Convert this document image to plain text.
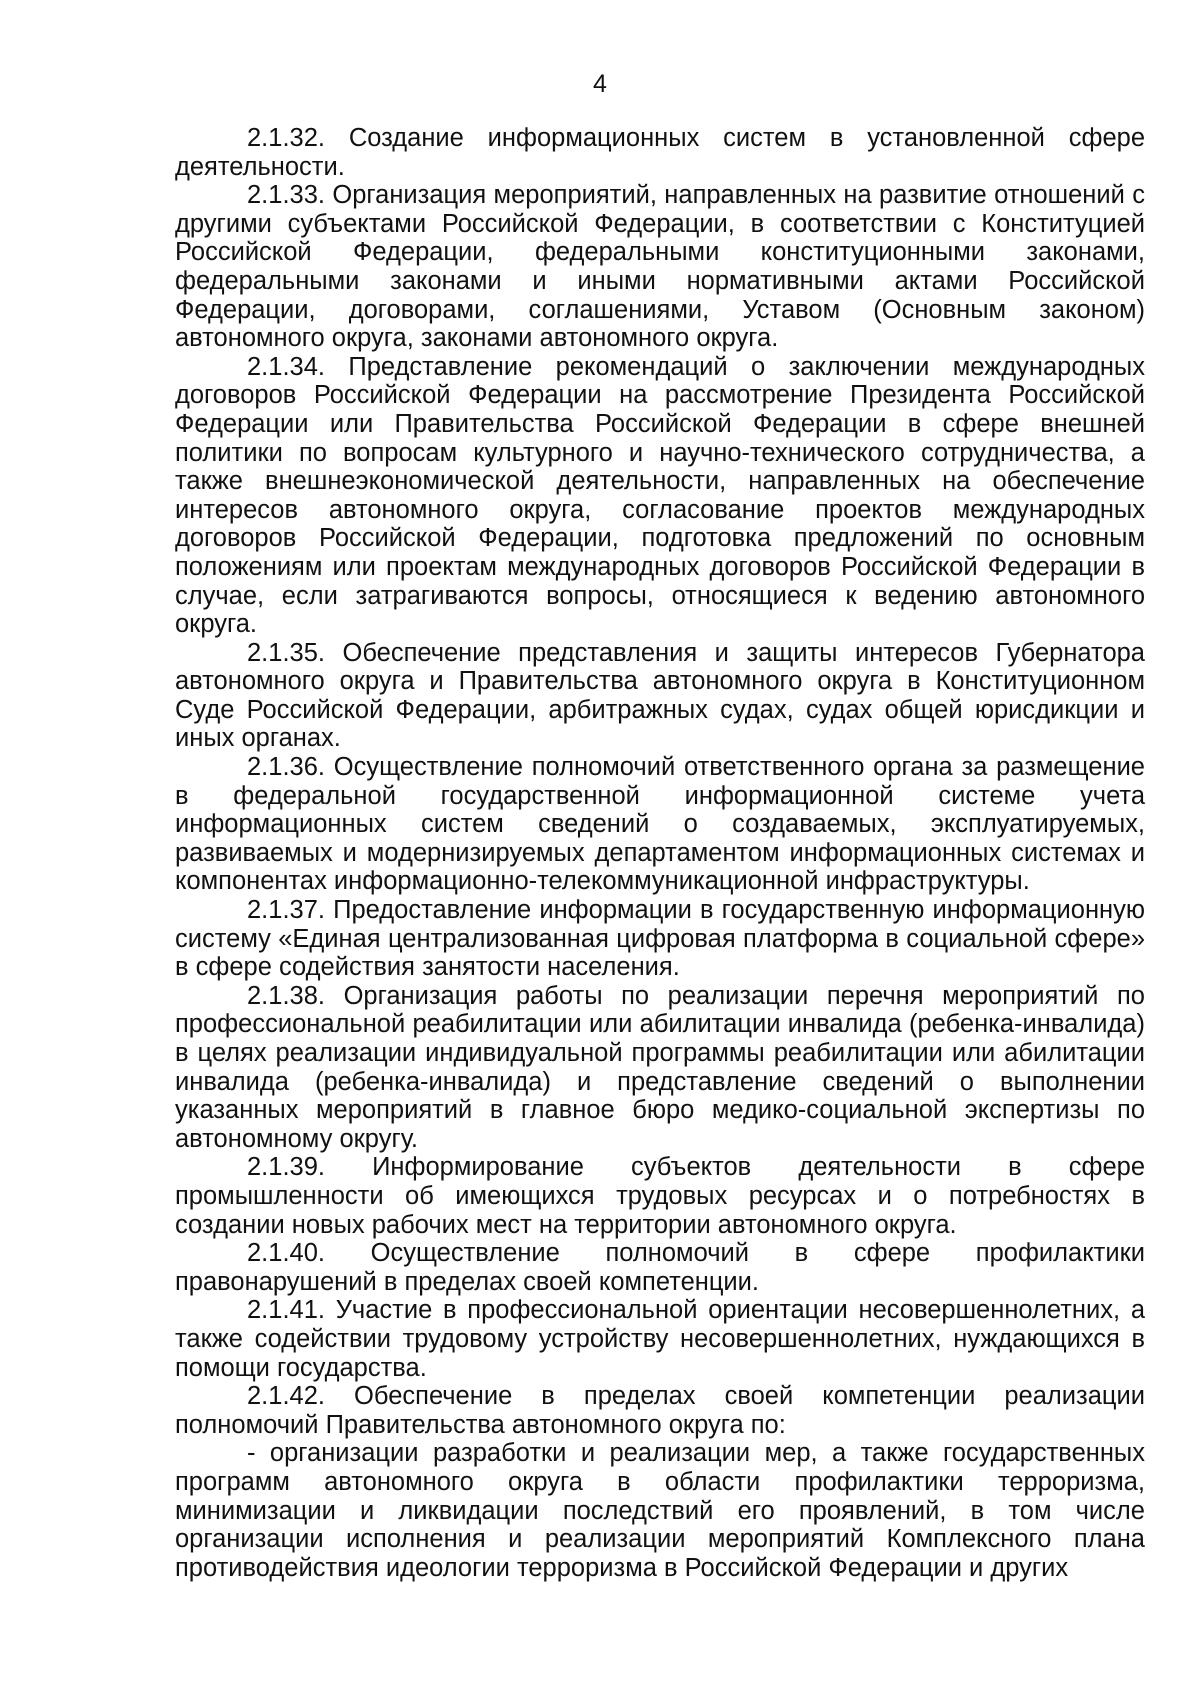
4

2.1.32. Создание информационных систем в установленной сфере деятельности.

2.1.33. Организация мероприятий, направленных на развитие отношений с другими субъектами Российской Федерации, в соответствии с Конституцией Российской Федерации, федеральными конституционными законами, федеральными законами и иными нормативными актами Российской Федерации, договорами, соглашениями, Уставом (Основным законом) автономного округа, законами автономного округа.

2.1.34. Представление рекомендаций о заключении международных договоров Российской Федерации на рассмотрение Президента Российской Федерации или Правительства Российской Федерации в сфере внешней политики по вопросам культурного и научно-технического сотрудничества, а также внешнеэкономической деятельности, направленных на обеспечение интересов автономного округа, согласование проектов международных договоров Российской Федерации, подготовка предложений по основным положениям или проектам международных договоров Российской Федерации в случае, если затрагиваются вопросы, относящиеся к ведению автономного округа.

2.1.35. Обеспечение представления и защиты интересов Губернатора автономного округа и Правительства автономного округа в Конституционном Суде Российской Федерации, арбитражных судах, судах общей юрисдикции и иных органах.

2.1.36. Осуществление полномочий ответственного органа за размещение в федеральной государственной информационной системе учета информационных систем сведений о создаваемых, эксплуатируемых, развиваемых и модернизируемых департаментом информационных системах и компонентах информационно-телекоммуникационной инфраструктуры.

2.1.37. Предоставление информации в государственную информационную систему «Единая централизованная цифровая платформа в социальной сфере» в сфере содействия занятости населения.

2.1.38. Организация работы по реализации перечня мероприятий по профессиональной реабилитации или абилитации инвалида (ребенка-инвалида) в целях реализации индивидуальной программы реабилитации или абилитации инвалида (ребенка-инвалида) и представление сведений о выполнении указанных мероприятий в главное бюро медико-социальной экспертизы по автономному округу.

2.1.39. Информирование субъектов деятельности в сфере промышленности об имеющихся трудовых ресурсах и о потребностях в создании новых рабочих мест на территории автономного округа.

2.1.40. Осуществление полномочий в сфере профилактики правонарушений в пределах своей компетенции.

2.1.41. Участие в профессиональной ориентации несовершеннолетних, а также содействии трудовому устройству несовершеннолетних, нуждающихся в помощи государства.

2.1.42. Обеспечение в пределах своей компетенции реализации полномочий Правительства автономного округа по:

- организации разработки и реализации мер, а также государственных программ автономного округа в области профилактики терроризма, минимизации и ликвидации последствий его проявлений, в том числе организации исполнения и реализации мероприятий Комплексного плана противодействия идеологии терроризма в Российской Федерации и других
